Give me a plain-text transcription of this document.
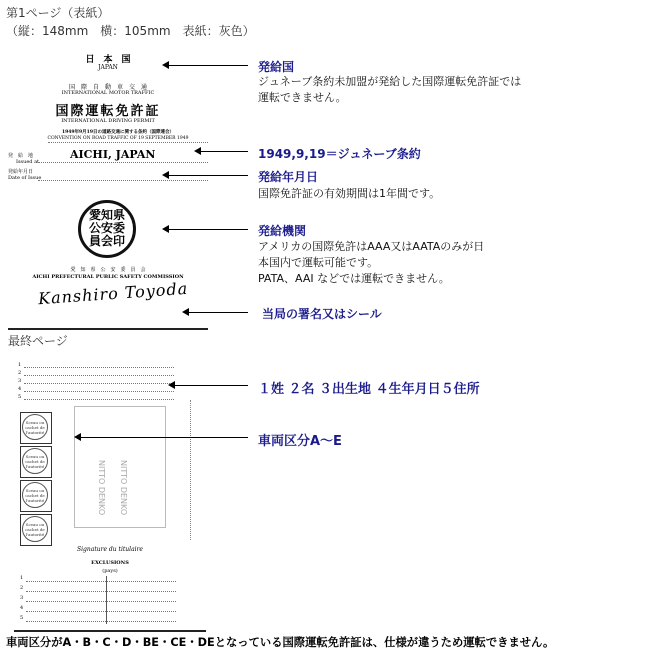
第1ページ（表紙）
（縦：148mm　横：105mm　表紙：灰色）
日　本　国
JAPAN
国　際　自　動　車　交　通
INTERNATIONAL MOTOR TRAFFIC
国際運転免許証
INTERNATIONAL DRIVING PERMIT
1949年9月19日の道路交通に関する条約（国際連合）
CONVENTION ON ROAD TRAFFIC OF 19 SEPTEMBER 1949
発　給　地
Issued at
AICHI, JAPAN
発給年月日
Date of Issue
愛知県公安委員会印
愛　知　県　公　安　委　員　会
AICHI PREFECTURAL PUBLIC SAFETY COMMISSION
Kanshiro Toyoda
発給国
ジュネーブ条約未加盟が発給した国際運転免許証では運転できません。
1949,9,19＝ジュネーブ条約
発給年月日
国際免許証の有効期間は1年間です。
発給機関
アメリカの国際免許はAAA又はAATAのみが日
本国内で運転可能です。
PATA、AAI などでは運転できません。
当局の署名又はシール
最終ページ
1
2
3
4
5
Sceau ou cachet de l'autorité
Sceau ou cachet de l'autorité
Sceau ou cachet de l'autorité
Sceau ou cachet de l'autorité
NITTO DENKO NITTO DENKO
Signature du titulaire
EXCLUSIONS
(pays)
1
2
3
4
5
１姓 ２名 ３出生地 ４生年月日５住所
車両区分A～E
車両区分がA・B・C・D・BE・CE・DEとなっている国際運転免許証は、仕様が違うため運転できません。
